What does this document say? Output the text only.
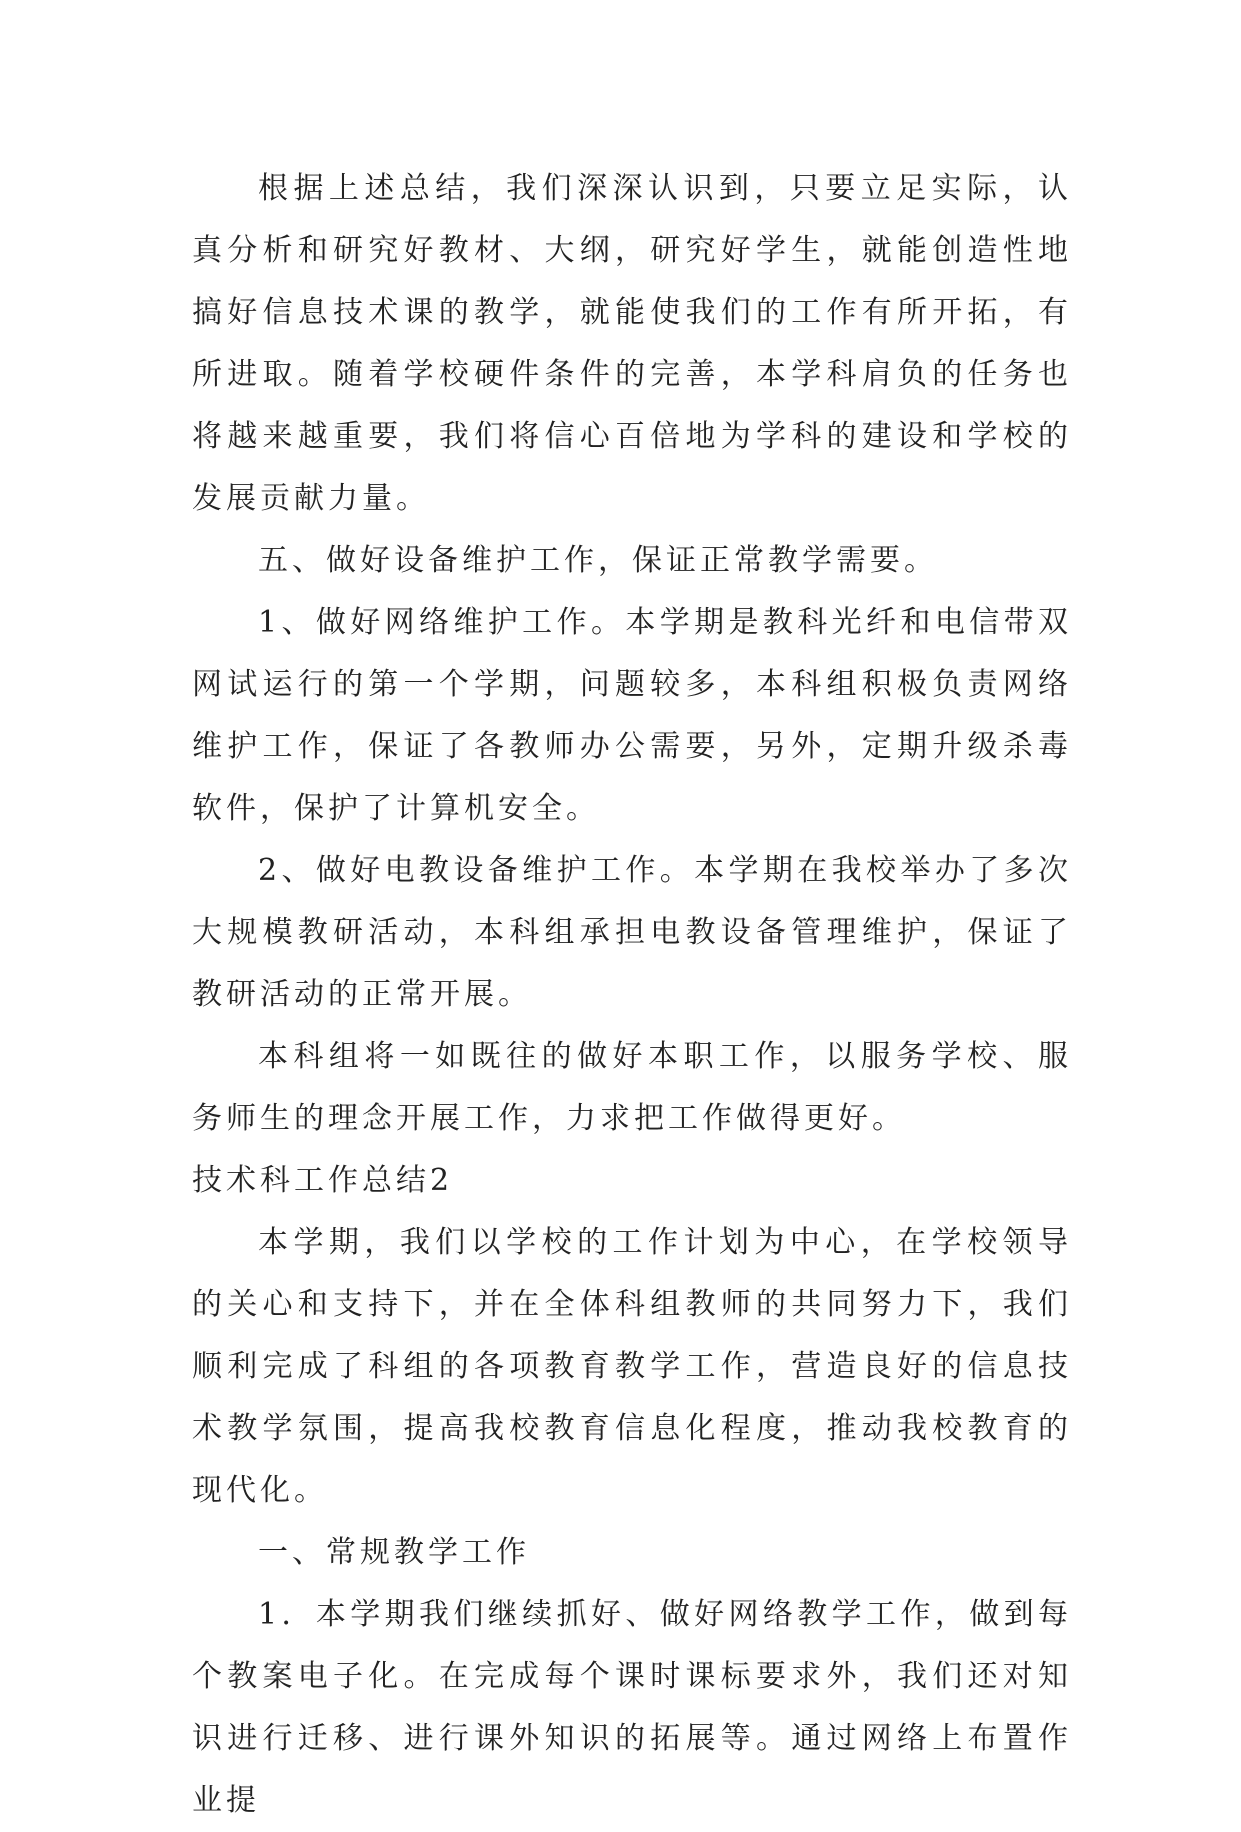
根据上述总结，我们深深认识到，只要立足实际，认真分析和研究好教材、大纲，研究好学生，就能创造性地搞好信息技术课的教学，就能使我们的工作有所开拓，有所进取。随着学校硬件条件的完善，本学科肩负的任务也将越来越重要，我们将信心百倍地为学科的建设和学校的发展贡献力量。

五、做好设备维护工作，保证正常教学需要。

1、做好网络维护工作。本学期是教科光纤和电信带双网试运行的第一个学期，问题较多，本科组积极负责网络维护工作，保证了各教师办公需要，另外，定期升级杀毒软件，保护了计算机安全。

2、做好电教设备维护工作。本学期在我校举办了多次大规模教研活动，本科组承担电教设备管理维护，保证了教研活动的正常开展。

本科组将一如既往的做好本职工作，以服务学校、服务师生的理念开展工作，力求把工作做得更好。

技术科工作总结2

本学期，我们以学校的工作计划为中心，在学校领导的关心和支持下，并在全体科组教师的共同努力下，我们顺利完成了科组的各项教育教学工作，营造良好的信息技术教学氛围，提高我校教育信息化程度，推动我校教育的现代化。

一、常规教学工作

1．本学期我们继续抓好、做好网络教学工作，做到每个教案电子化。在完成每个课时课标要求外，我们还对知识进行迁移、进行课外知识的拓展等。通过网络上布置作业提
